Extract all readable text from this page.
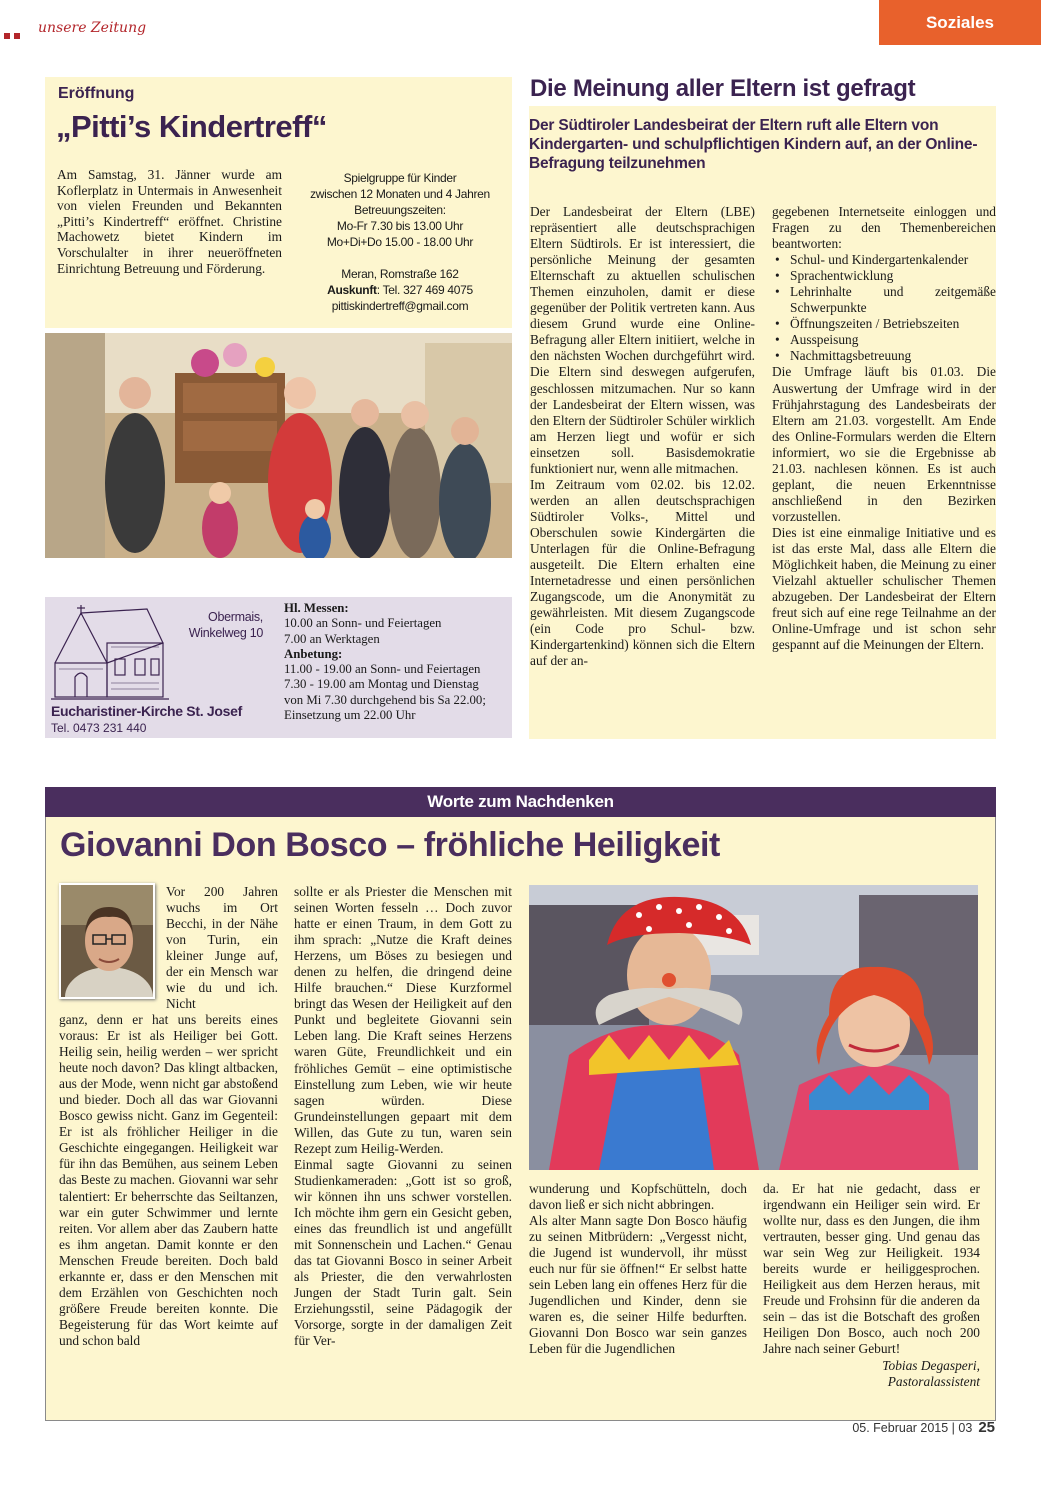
unsere Zeitung	Soziales
Eröffnung
„Pitti’s Kindertreff“
Am Samstag, 31. Jänner wurde am Koflerplatz in Untermais in Anwesenheit von vielen Freunden und Bekannten „Pitti’s Kindertreff“ eröffnet. Christine Machowetz bietet Kindern im Vorschulalter in ihrer neueröffneten Einrichtung Betreuung und Förderung.
Spielgruppe für Kinder
zwischen 12 Monaten und 4 Jahren
Betreuungszeiten:
Mo-Fr 7.30 bis 13.00 Uhr
Mo+Di+Do 15.00 - 18.00 Uhr
Meran, Romstraße 162
Auskunft: Tel. 327 469 4075
pittiskindertreff@gmail.com
Obermais,
Winkelweg 10
Eucharistiner-Kirche St. Josef
Tel. 0473 231 440
Hl. Messen:
10.00 an Sonn- und Feiertagen
7.00 an Werktagen
Anbetung:
11.00 - 19.00 an Sonn- und Feiertagen
7.30 - 19.00 am Montag und Dienstag
von Mi 7.30 durchgehend bis Sa 22.00;
Einsetzung um 22.00 Uhr
Die Meinung aller Eltern ist gefragt
Der Südtiroler Landesbeirat der Eltern ruft alle Eltern von Kindergarten- und schulpflichtigen Kindern auf, an der Online-Befragung teilzunehmen
Der Landesbeirat der Eltern (LBE) repräsentiert alle deutschsprachigen Eltern Südtirols. Er ist interessiert, die persönliche Meinung der gesamten Elternschaft zu aktuellen schulischen Themen einzuholen, damit er diese gegenüber der Politik vertreten kann. Aus diesem Grund wurde eine Online-Befragung aller Eltern initiiert, welche in den nächsten Wochen durchgeführt wird. Die Eltern sind deswegen aufgerufen, geschlossen mitzumachen. Nur so kann der Landesbeirat der Eltern wissen, was den Eltern der Südtiroler Schüler wirklich am Herzen liegt und wofür er sich einsetzen soll. Basisdemokratie funktioniert nur, wenn alle mitmachen.
Im Zeitraum vom 02.02. bis 12.02. werden an allen deutschsprachigen Südtiroler Volks-, Mittel und Oberschulen sowie Kindergärten die Unterlagen für die Online-Befragung ausgeteilt. Die Eltern erhalten eine Internetadresse und einen persönlichen Zugangscode, um die Anonymität zu gewährleisten. Mit diesem Zugangscode (ein Code pro Schul- bzw. Kindergartenkind) können sich die Eltern auf der an-
gegebenen Internetseite einloggen und Fragen zu den Themenbereichen beantworten:
• Schul- und Kindergartenkalender
• Sprachentwicklung
• Lehrinhalte und zeitgemäße Schwerpunkte
• Öffnungszeiten / Betriebszeiten
• Ausspeisung
• Nachmittagsbetreuung
Die Umfrage läuft bis 01.03. Die Auswertung der Umfrage wird in der Frühjahrstagung des Landesbeirats der Eltern am 21.03. vorgestellt. Am Ende des Online-Formulars werden die Eltern informiert, wo sie die Ergebnisse ab 21.03. nachlesen können. Es ist auch geplant, die neuen Erkenntnisse anschließend in den Bezirken vorzustellen.
Dies ist eine einmalige Initiative und es ist das erste Mal, dass alle Eltern die Möglichkeit haben, die Meinung zu einer Vielzahl aktueller schulischer Themen abzugeben. Der Landesbeirat der Eltern freut sich auf eine rege Teilnahme an der Online-Umfrage und ist schon sehr gespannt auf die Meinungen der Eltern.
Worte zum Nachdenken
Giovanni Don Bosco – fröhliche Heiligkeit
Vor 200 Jahren wuchs im Ort Becchi, in der Nähe von Turin, ein kleiner Junge auf, der ein Mensch war wie du und ich. Nicht
ganz, denn er hat uns bereits eines voraus: Er ist als Heiliger bei Gott. Heilig sein, heilig werden – wer spricht heute noch davon? Das klingt altbacken, aus der Mode, wenn nicht gar abstoßend und bieder. Doch all das war Giovanni Bosco gewiss nicht. Ganz im Gegenteil: Er ist als fröhlicher Heiliger in die Geschichte eingegangen. Heiligkeit war für ihn das Bemühen, aus seinem Leben das Beste zu machen. Giovanni war sehr talentiert: Er beherrschte das Seiltanzen, war ein guter Schwimmer und lernte reiten. Vor allem aber das Zaubern hatte es ihm angetan. Damit konnte er den Menschen Freude bereiten. Doch bald erkannte er, dass er den Menschen mit dem Erzählen von Geschichten noch größere Freude bereiten konnte. Die Begeisterung für das Wort keimte auf und schon bald
sollte er als Priester die Menschen mit seinen Worten fesseln … Doch zuvor hatte er einen Traum, in dem Gott zu ihm sprach: „Nutze die Kraft deines Herzens, um Böses zu besiegen und denen zu helfen, die dringend deine Hilfe brauchen.“ Diese Kurzformel bringt das Wesen der Heiligkeit auf den Punkt und begleitete Giovanni sein Leben lang. Die Kraft seines Herzens waren Güte, Freundlichkeit und ein fröhliches Gemüt – eine optimistische Einstellung zum Leben, wie wir heute sagen würden. Diese Grundeinstellungen gepaart mit dem Willen, das Gute zu tun, waren sein Rezept zum Heilig-Werden.
Einmal sagte Giovanni zu seinen Studienkameraden: „Gott ist so groß, wir können ihn uns schwer vorstellen. Ich möchte ihm gern ein Gesicht geben, eines das freundlich ist und angefüllt mit Sonnenschein und Lachen.“ Genau das tat Giovanni Bosco in seiner Arbeit als Priester, die den verwahrlosten Jungen der Stadt Turin galt. Sein Erziehungsstil, seine Pädagogik der Vorsorge, sorgte in der damaligen Zeit für Ver-
wunderung und Kopfschütteln, doch davon ließ er sich nicht abbringen.
Als alter Mann sagte Don Bosco häufig zu seinen Mitbrüdern: „Vergesst nicht, die Jugend ist wundervoll, ihr müsst euch nur für sie öffnen!“ Er selbst hatte sein Leben lang ein offenes Herz für die Jugendlichen und Kinder, denn sie waren es, die seiner Hilfe bedurften. Giovanni Don Bosco war sein ganzes Leben für die Jugendlichen
da. Er hat nie gedacht, dass er irgendwann ein Heiliger sein wird. Er wollte nur, dass es den Jungen, die ihm vertrauten, besser ging. Und genau das war sein Weg zur Heiligkeit. 1934 bereits wurde er heiliggesprochen. Heiligkeit aus dem Herzen heraus, mit Freude und Frohsinn für die anderen da sein – das ist die Botschaft des großen Heiligen Don Bosco, auch noch 200 Jahre nach seiner Geburt!
Tobias Degasperi,
Pastoralassistent
05. Februar 2015 | 03 25
